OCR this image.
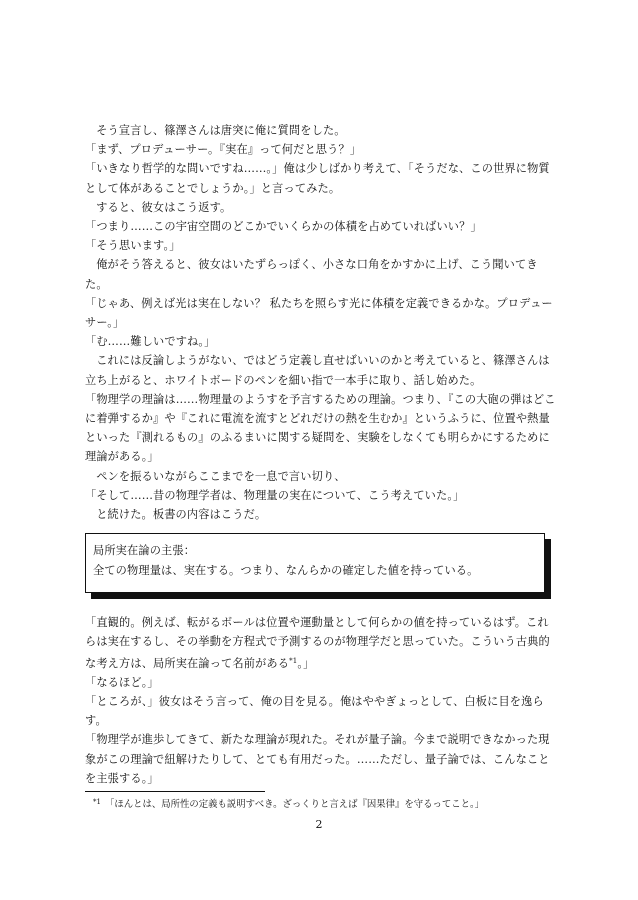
そう宣言し、篠澤さんは唐突に俺に質問をした。

「まず、プロデューサー。『実在』って何だと思う？」

「いきなり哲学的な問いですね……。」俺は少しばかり考えて、「そうだな、この世界に物質として体があることでしょうか。」と言ってみた。

すると、彼女はこう返す。

「つまり……この宇宙空間のどこかでいくらかの体積を占めていればいい？」

「そう思います。」

俺がそう答えると、彼女はいたずらっぽく、小さな口角をかすかに上げ、こう聞いてきた。

「じゃあ、例えば光は実在しない？ 私たちを照らす光に体積を定義できるかな。プロデューサー。」

「む……難しいですね。」

これには反論しようがない、ではどう定義し直せばいいのかと考えていると、篠澤さんは立ち上がると、ホワイトボードのペンを細い指で一本手に取り、話し始めた。

「物理学の理論は……物理量のようすを予言するための理論。つまり、『この大砲の弾はどこに着弾するか』や『これに電流を流すとどれだけの熱を生むか』というふうに、位置や熱量といった『測れるもの』のふるまいに関する疑問を、実験をしなくても明らかにするために理論がある。」

ペンを振るいながらここまでを一息で言い切り、

「そして……昔の物理学者は、物理量の実在について、こう考えていた。」

と続けた。板書の内容はこうだ。

局所実在論の主張：
全ての物理量は、実在する。つまり、なんらかの確定した値を持っている。

「直観的。例えば、転がるボールは位置や運動量として何らかの値を持っているはず。これらは実在するし、その挙動を方程式で予測するのが物理学だと思っていた。こういう古典的な考え方は、局所実在論って名前がある$^{*1}$。」

「なるほど。」

「ところが、」彼女はそう言って、俺の目を見る。俺はややぎょっとして、白板に目を逸らす。

「物理学が進歩してきて、新たな理論が現れた。それが量子論。今まで説明できなかった現象がこの理論で紐解けたりして、とても有用だった。……ただし、量子論では、こんなことを主張する。」

$^{*1}$ 「ほんとは、局所性の定義も説明すべき。ざっくりと言えば『因果律』を守るってこと。」
2
